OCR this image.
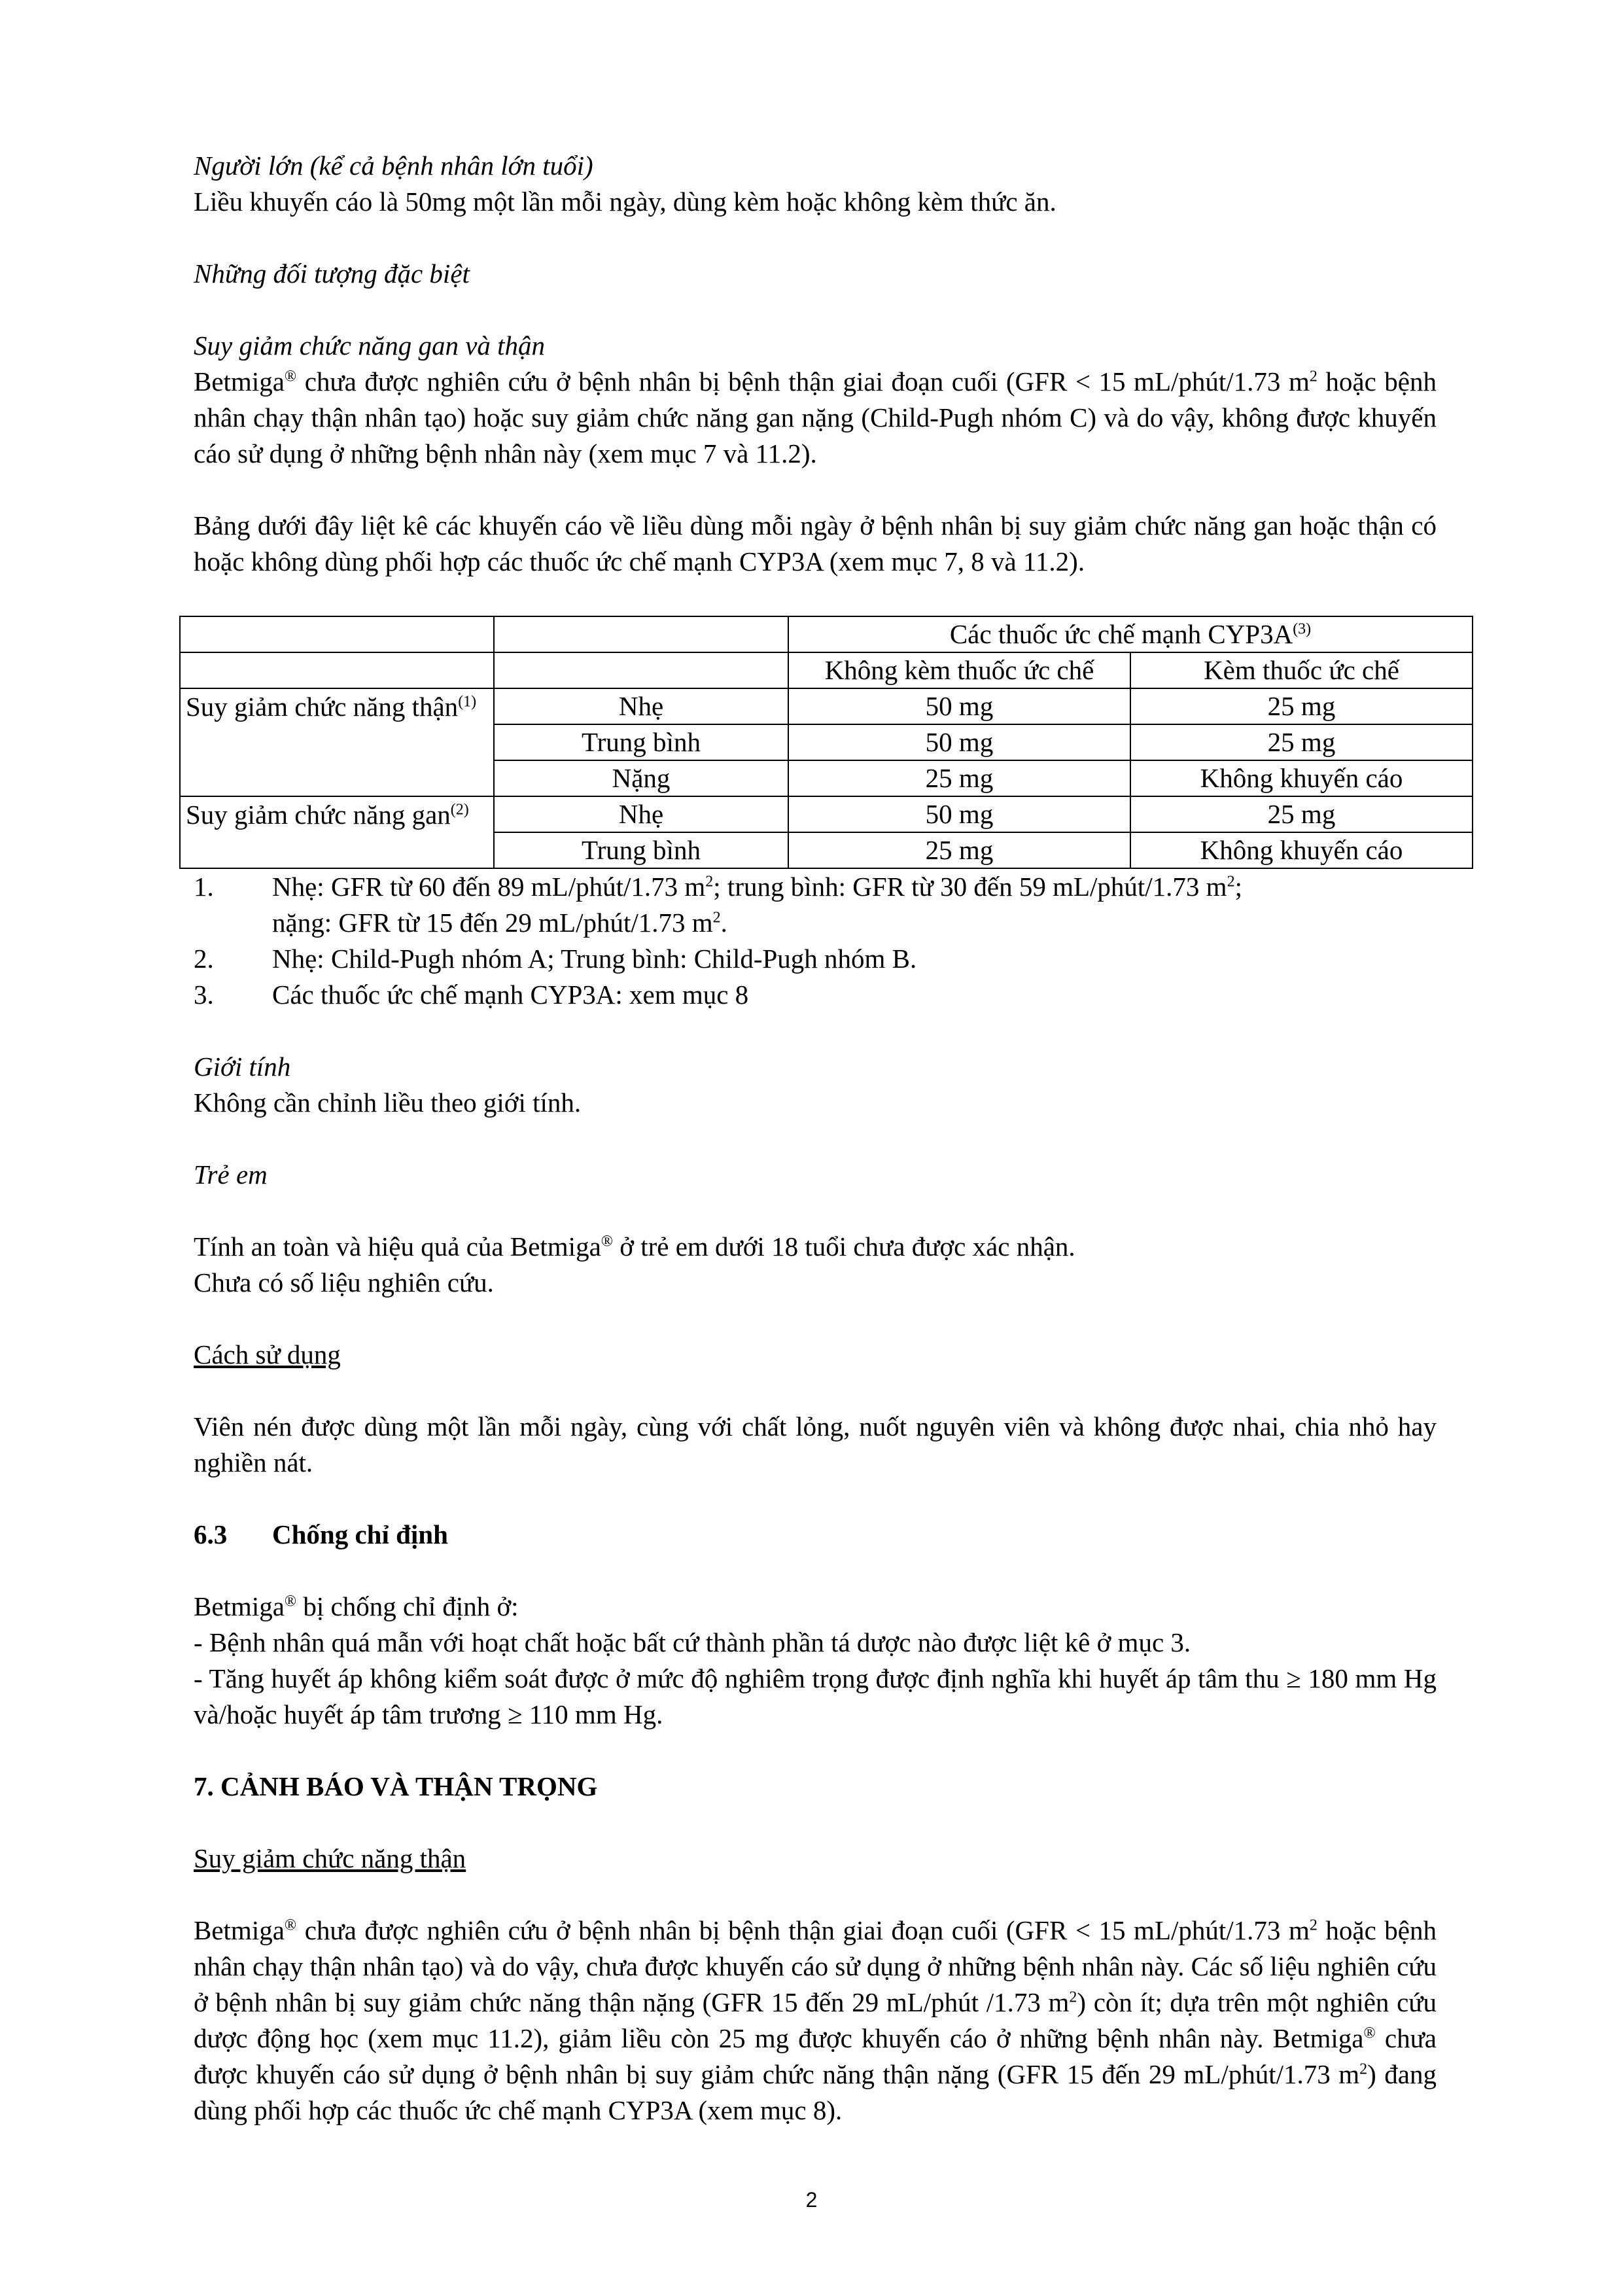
Người lớn (kể cả bệnh nhân lớn tuổi)

Liều khuyến cáo là 50mg một lần mỗi ngày, dùng kèm hoặc không kèm thức ăn.

Những đối tượng đặc biệt

Suy giảm chức năng gan và thận

Betmiga® chưa được nghiên cứu ở bệnh nhân bị bệnh thận giai đoạn cuối (GFR < 15 mL/phút/1.73 $m^2$ hoặc bệnh nhân chạy thận nhân tạo) hoặc suy giảm chức năng gan nặng (Child-Pugh nhóm C) và do vậy, không được khuyến cáo sử dụng ở những bệnh nhân này (xem mục 7 và 11.2).

Bảng dưới đây liệt kê các khuyến cáo về liều dùng mỗi ngày ở bệnh nhân bị suy giảm chức năng gan hoặc thận có hoặc không dùng phối hợp các thuốc ức chế mạnh CYP3A (xem mục 7, 8 và 11.2).

		Các thuốc ức chế mạnh $CYP3A^{(3)}$
		Không kèm thuốc ức chế	Kèm thuốc ức chế
Suy giảm chức năng thận$^{(1)}$	Nhẹ	50 mg	25 mg
	Trung bình	50 mg	25 mg
	Nặng	25 mg	Không khuyến cáo
Suy giảm chức năng gan$^{(2)}$	Nhẹ	50 mg	25 mg
	Trung bình	25 mg	Không khuyến cáo
1.	Nhẹ: GFR từ 60 đến 89 mL/phút/1.73 $m^2$; trung bình: GFR từ 30 đến 59 mL/phút/1.73 $m^2$;
nặng: GFR từ 15 đến 29 mL/phút/1.73 $m^2$.
2.	Nhẹ: Child-Pugh nhóm A; Trung bình: Child-Pugh nhóm B.
3.	Các thuốc ức chế mạnh CYP3A: xem mục 8

Giới tính

Không cần chỉnh liều theo giới tính.

Trẻ em

Tính an toàn và hiệu quả của Betmiga® ở trẻ em dưới 18 tuổi chưa được xác nhận.

Chưa có số liệu nghiên cứu.

Cách sử dụng

Viên nén được dùng một lần mỗi ngày, cùng với chất lỏng, nuốt nguyên viên và không được nhai, chia nhỏ hay nghiền nát.

6.3	Chống chỉ định

Betmiga® bị chống chỉ định ở:

- Bệnh nhân quá mẫn với hoạt chất hoặc bất cứ thành phần tá dược nào được liệt kê ở mục 3.

- Tăng huyết áp không kiểm soát được ở mức độ nghiêm trọng được định nghĩa khi huyết áp tâm thu ≥ 180 mm Hg và/hoặc huyết áp tâm trương ≥ 110 mm Hg.

7. CẢNH BÁO VÀ THẬN TRỌNG

Suy giảm chức năng thận

Betmiga® chưa được nghiên cứu ở bệnh nhân bị bệnh thận giai đoạn cuối (GFR < 15 mL/phút/1.73 $m^2$ hoặc bệnh nhân chạy thận nhân tạo) và do vậy, chưa được khuyến cáo sử dụng ở những bệnh nhân này. Các số liệu nghiên cứu ở bệnh nhân bị suy giảm chức năng thận nặng (GFR 15 đến 29 mL/phút /1.73 $m^2$) còn ít; dựa trên một nghiên cứu dược động học (xem mục 11.2), giảm liều còn 25 mg được khuyến cáo ở những bệnh nhân này. Betmiga® chưa được khuyến cáo sử dụng ở bệnh nhân bị suy giảm chức năng thận nặng (GFR 15 đến 29 mL/phút/1.73 $m^2$) đang dùng phối hợp các thuốc ức chế mạnh CYP3A (xem mục 8).

2
